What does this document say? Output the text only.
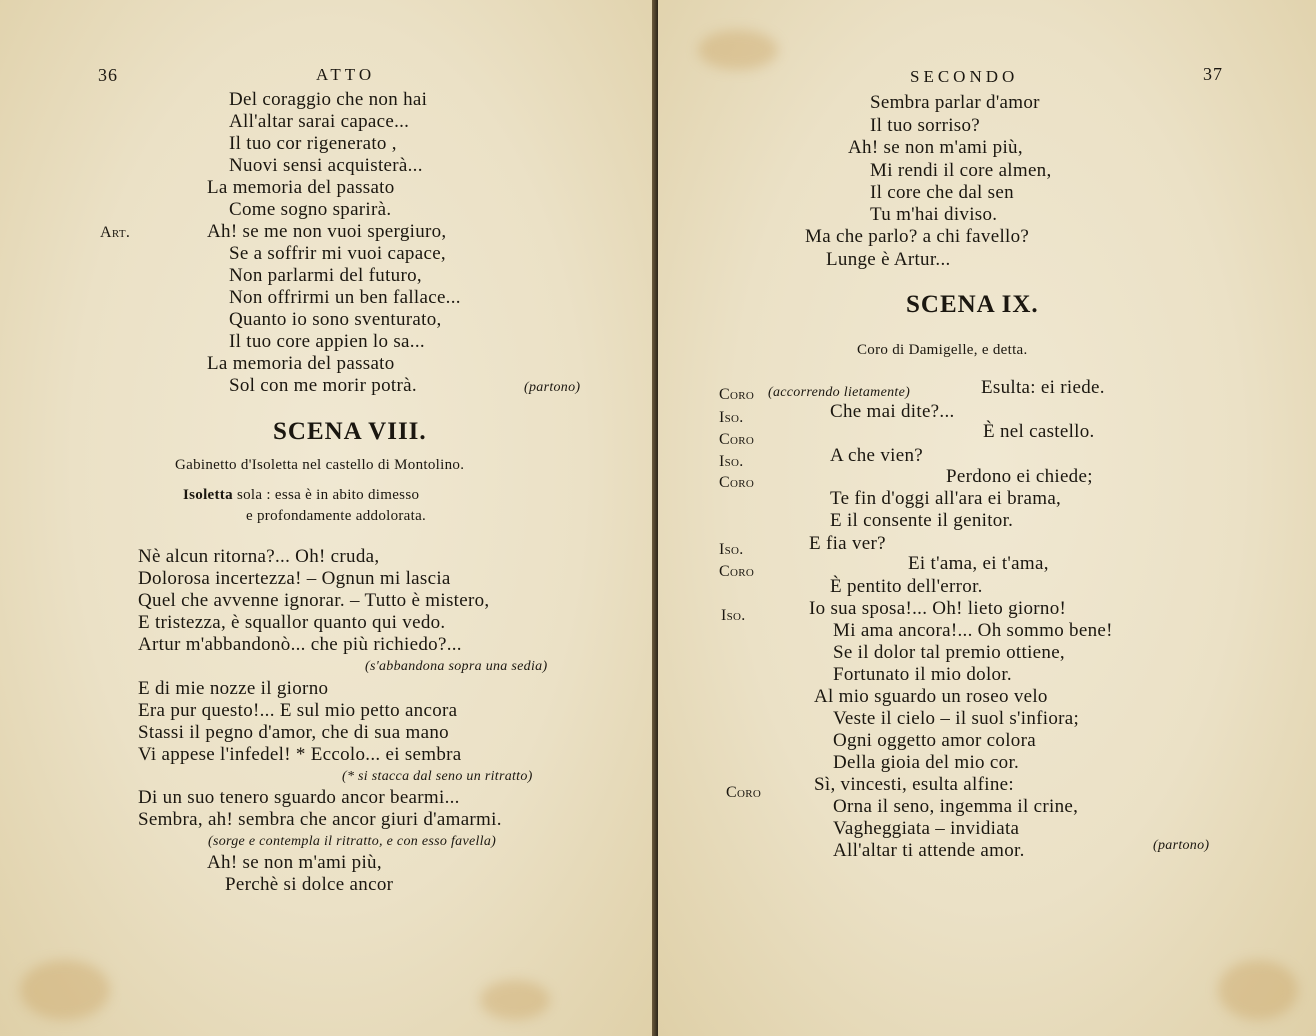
36	ATTO
Del coraggio che non hai
All'altar sarai capace...
Il tuo cor rigenerato ,
Nuovi sensi acquisterà...
La memoria del passato
Come sogno sparirà.
Art.	Ah! se me non vuoi spergiuro,
Se a soffrir mi vuoi capace,
Non parlarmi del futuro,
Non offrirmi un ben fallace...
Quanto io sono sventurato,
Il tuo core appien lo sa...
La memoria del passato
Sol con me morir potrà.	(partono)
SCENA VIII.
Gabinetto d'Isoletta nel castello di Montolino.
Isoletta sola : essa è in abito dimesso
e profondamente addolorata.
Nè alcun ritorna?... Oh! cruda,
Dolorosa incertezza! – Ognun mi lascia
Quel che avvenne ignorar. – Tutto è mistero,
E tristezza, è squallor quanto qui vedo.
Artur m'abbandonò... che più richiedo?...
(s'abbandona sopra una sedia)
E di mie nozze il giorno
Era pur questo!... E sul mio petto ancora
Stassi il pegno d'amor, che di sua mano
Vi appese l'infedel! * Eccolo... ei sembra
(* si stacca dal seno un ritratto)
Di un suo tenero sguardo ancor bearmi...
Sembra, ah! sembra che ancor giuri d'amarmi.
(sorge e contempla il ritratto, e con esso favella)
Ah! se non m'ami più,
Perchè si dolce ancor
SECONDO	37
Sembra parlar d'amor
Il tuo sorriso?
Ah! se non m'ami più,
Mi rendi il core almen,
Il core che dal sen
Tu m'hai diviso.
Ma che parlo? a chi favello?
Lunge è Artur...
SCENA IX.
Coro di Damigelle, e detta.
Coro (accorrendo lietamente)	Esulta: ei riede.
Iso.	Che mai dite?...
Coro	È nel castello.
Iso.	A che vien?
Coro	Perdono ei chiede;
Te fin d'oggi all'ara ei brama,
E il consente il genitor.
Iso.	E fia ver?
Coro	Ei t'ama, ei t'ama,
È pentito dell'error.
Iso.	Io sua sposa!... Oh! lieto giorno!
Mi ama ancora!... Oh sommo bene!
Se il dolor tal premio ottiene,
Fortunato il mio dolor.
Al mio sguardo un roseo velo
Veste il cielo – il suol s'infiora;
Ogni oggetto amor colora
Della gioia del mio cor.
Coro	Sì, vincesti, esulta alfine:
Orna il seno, ingemma il crine,
Vagheggiata – invidiata
All'altar ti attende amor.	(partono)
